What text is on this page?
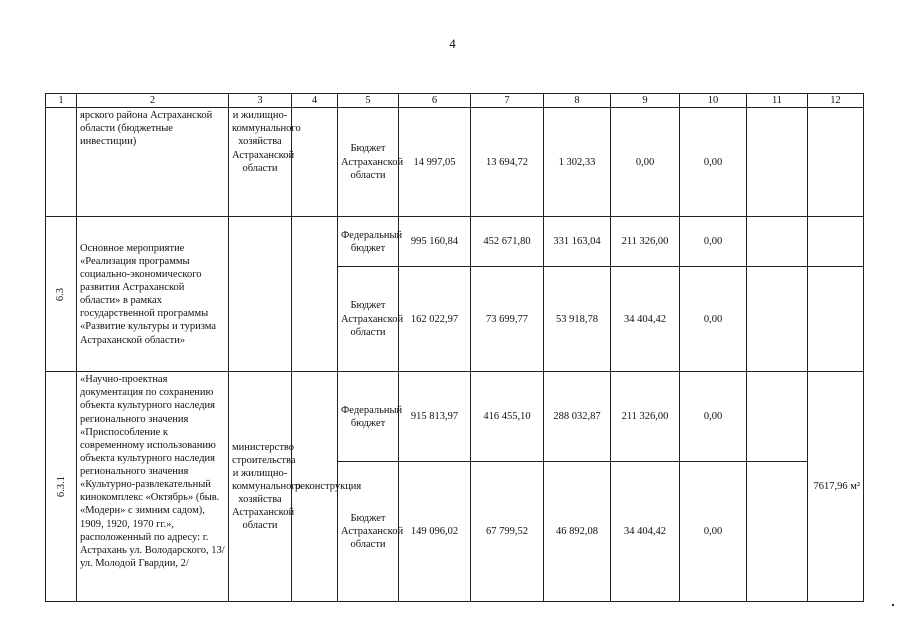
4
1	2	3	4	5	6	7	8	9	10	11	12
	ярского района Астраханской области (бюджетные инвестиции)	и жилищно-коммунального хозяйства Астраханской области		Бюджет Астраханской области	14 997,05	13 694,72	1 302,33	0,00	0,00		

6.3	Основное мероприятие «Реализация программы социально-экономического развития Астраханской области» в рамках государственной программы «Развитие культуры и туризма Астраханской области»			Федеральный бюджет	995 160,84	452 671,80	331 163,04	211 326,00	0,00		
				Бюджет Астраханской области	162 022,97	73 699,77	53 918,78	34 404,42	0,00		

6.3.1	«Научно-проектная документация по сохранению объекта культурного наследия регионального значения «Приспособление к современному использованию объекта культурного наследия регионального значения «Культурно-развлекательный кинокомплекс «Октябрь» (быв. «Модерн» с зимним садом), 1909, 1920, 1970 гг.», расположенный по адресу: г. Астрахань ул. Володарского, 13/ ул. Молодой Гвардии, 2/	министерство строительства и жилищно-коммунального хозяйства Астраханской области	реконструкция	Федеральный бюджет	915 813,97	416 455,10	288 032,87	211 326,00	0,00		7617,96 м²
				Бюджет Астраханской области	149 096,02	67 799,52	46 892,08	34 404,42	0,00		
